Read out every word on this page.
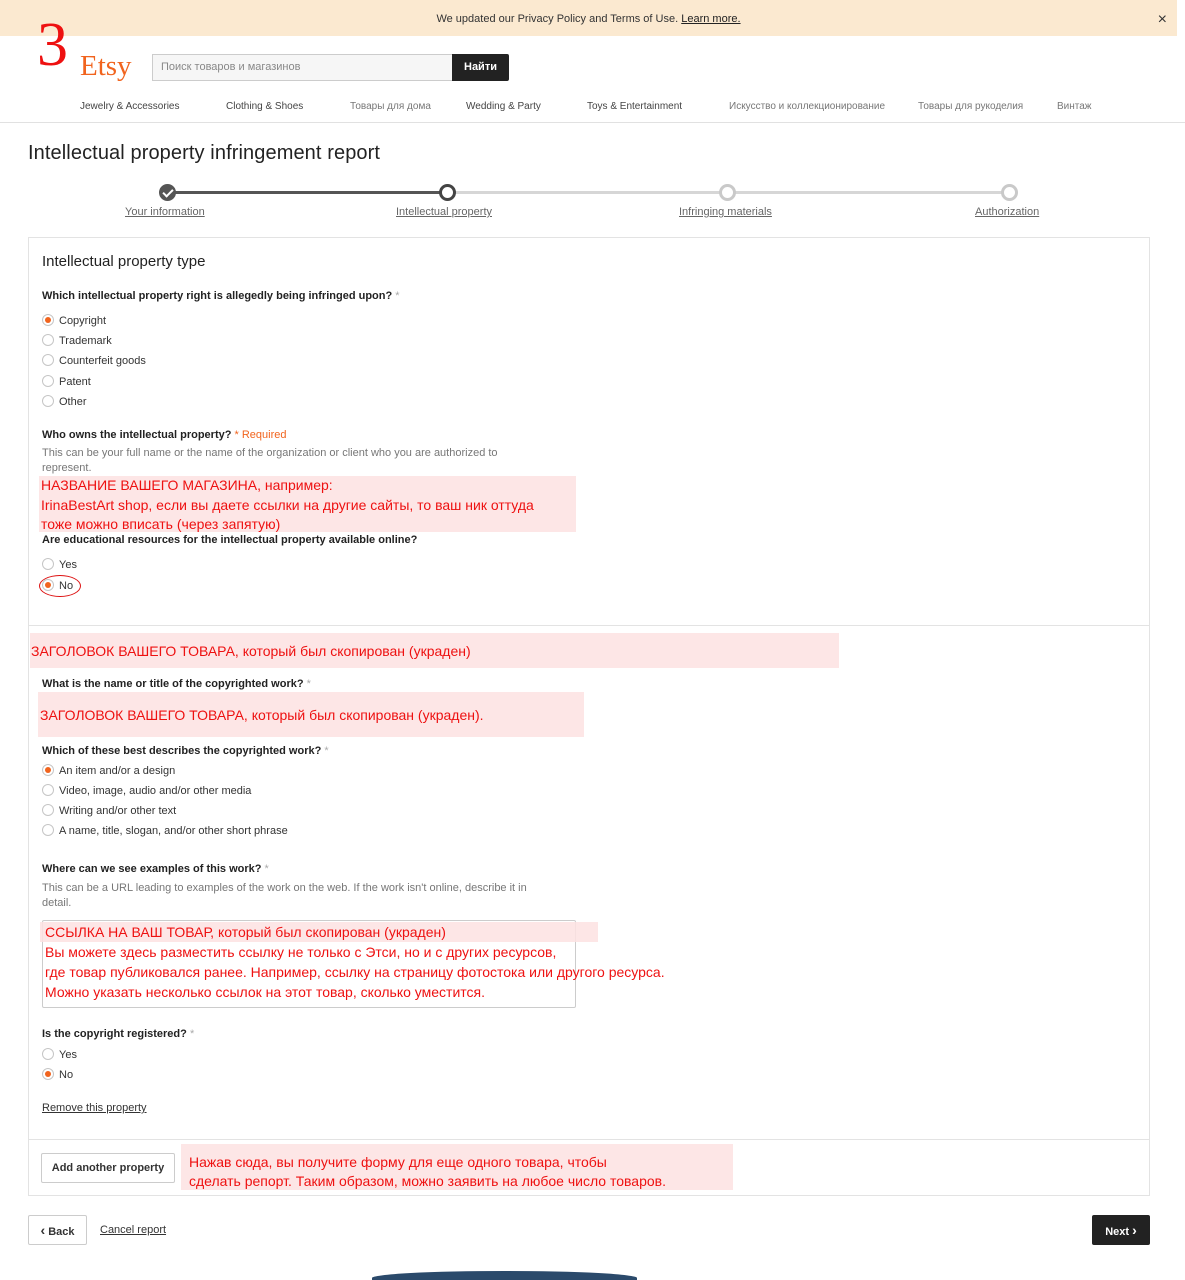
We updated our Privacy Policy and Terms of Use. Learn more.	×
3 Etsy	Поиск товаров и магазинов	Найти
Jewelry & Accessories	Clothing & Shoes	Товары для дома	Wedding & Party	Toys & Entertainment	Искусство и коллекционирование	Товары для рукоделия	Винтаж
Intellectual property infringement report
Your information	Intellectual property	Infringing materials	Authorization
Intellectual property type
Which intellectual property right is allegedly being infringed upon? *
Copyright
Trademark
Counterfeit goods
Patent
Other
Who owns the intellectual property? * Required
This can be your full name or the name of the organization or client who you are authorized to represent.
НАЗВАНИЕ ВАШЕГО МАГАЗИНА, например:
IrinaBestArt shop, если вы даете ссылки на другие сайты, то ваш ник оттуда
тоже можно вписать (через запятую)
Are educational resources for the intellectual property available online?
Yes
No
ЗАГОЛОВОК ВАШЕГО ТОВАРА, который был скопирован (украден)
What is the name or title of the copyrighted work? *
ЗАГОЛОВОК ВАШЕГО ТОВАРА, который был скопирован (украден).
Which of these best describes the copyrighted work? *
An item and/or a design
Video, image, audio and/or other media
Writing and/or other text
A name, title, slogan, and/or other short phrase
Where can we see examples of this work? *
This can be a URL leading to examples of the work on the web. If the work isn't online, describe it in
detail.
ССЫЛКА НА ВАШ ТОВАР, который был скопирован (украден)
Вы можете здесь разместить ссылку не только с Этси, но и с других ресурсов,
где товар публиковался ранее. Например, ссылку на страницу фотостока или другого ресурса.
Можно указать несколько ссылок на этот товар, сколько уместится.
Is the copyright registered? *
Yes
No
Remove this property
Add another property	Нажав сюда, вы получите форму для еще одного товара, чтобы
сделать репорт. Таким образом, можно заявить на любое число товаров.
‹ Back	Cancel report	Next ›
